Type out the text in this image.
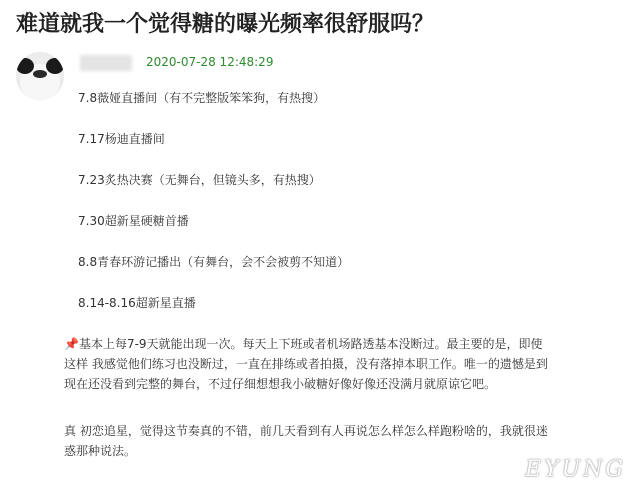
难道就我一个觉得糖的曝光频率很舒服吗？
2020-07-28 12:48:29
7.8薇娅直播间（有不完整版笨笨狗，有热搜）
7.17杨迪直播间
7.23炙热决赛（无舞台，但镜头多，有热搜）
7.30超新星硬糖首播
8.8青春环游记播出（有舞台，会不会被剪不知道）
8.14-8.16超新星直播
📌基本上每7-9天就能出现一次。每天上下班或者机场路透基本没断过。最主要的是，即使
这样 我感觉他们练习也没断过，一直在排练或者拍摄，没有落掉本职工作。唯一的遗憾是到
现在还没看到完整的舞台，不过仔细想想我小破糖好像好像还没满月就原谅它吧。
真 初恋追星，觉得这节奏真的不错，前几天看到有人再说怎么样怎么样跑粉啥的，我就很迷
惑那种说法。
EYUNG
